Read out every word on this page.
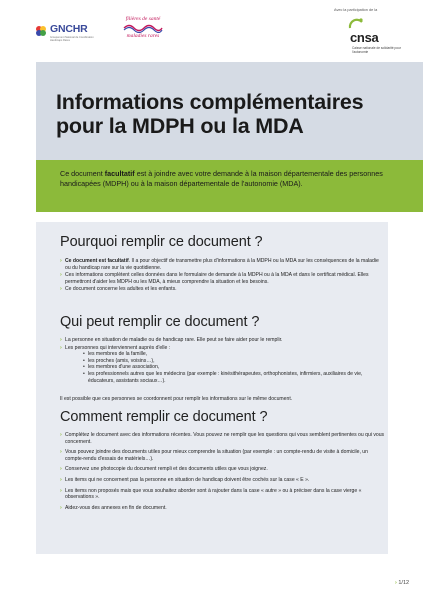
GNCHR
Groupement National de Coordination Handicaps Rares
filières de santé
maladies rares
Avec la participation de la
cnsa
Caisse nationale de solidarité pour l'autonomie
Informations complémentaires pour la MDPH ou la MDA

Ce document facultatif est à joindre avec votre demande à la maison départementale des personnes handicapées (MDPH) ou à la maison départementale de l'autonomie (MDA).

Pourquoi remplir ce document ?
› Ce document est facultatif. Il a pour objectif de transmettre plus d'informations à la MDPH ou la MDA sur les conséquences de la maladie ou du handicap rare sur la vie quotidienne.
› Ces informations complètent celles données dans le formulaire de demande à la MDPH ou à la MDA et dans le certificat médical. Elles permettront d'aider les MDPH ou les MDA, à mieux comprendre la situation et les besoins.
› Ce document concerne les adultes et les enfants.
Qui peut remplir ce document ?
› La personne en situation de maladie ou de handicap rare. Elle peut se faire aider pour le remplir.
› Les personnes qui interviennent auprès d'elle :
• les membres de la famille,
• les proches (amis, voisins…),
• les membres d'une association,
• les professionnels autres que les médecins (par exemple : kinésithérapeutes, orthophonistes, infirmiers, auxiliaires de vie, éducateurs, assistants sociaux…).

Il est possible que ces personnes se coordonnent pour remplir les informations sur le même document.

Comment remplir ce document ?
› Complétez le document avec des informations récentes. Vous pouvez ne remplir que les questions qui vous semblent pertinentes ou qui vous concernent.
› Vous pouvez joindre des documents utiles pour mieux comprendre la situation (par exemple : un compte-rendu de visite à domicile, un compte-rendu d'essais de matériels…).
› Conservez une photocopie du document rempli et des documents utiles que vous joignez.
› Les items qui ne concernent pas la personne en situation de handicap doivent être cochés sur la case « E ».
› Les items non proposés mais que vous souhaitez aborder sont à rajouter dans la case « autre » ou à préciser dans la case vierge « observations ».
› Aidez-vous des annexes en fin de document.
› 1/12
